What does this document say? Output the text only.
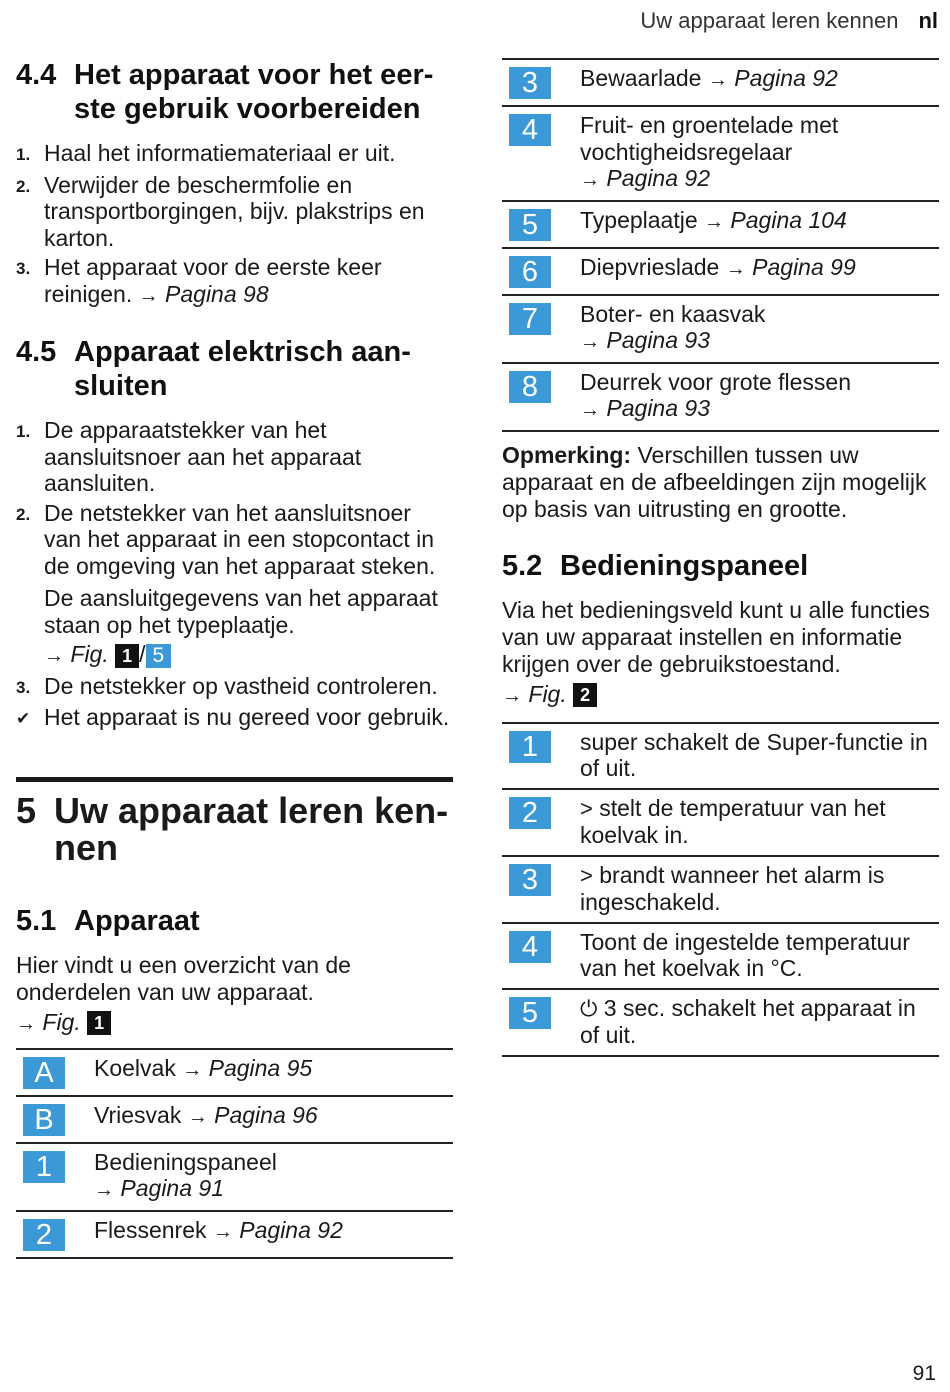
Uw apparaat leren kennen nl
4.4 Het apparaat voor het eer-
ste gebruik voorbereiden
1. Haal het informatiemateriaal er uit.
2. Verwijder de beschermfolie en transportborgingen, bijv. plakstrips en karton.
3. Het apparaat voor de eerste keer reinigen. → Pagina 98
4.5 Apparaat elektrisch aan-
sluiten
1. De apparaatstekker van het aansluitsnoer aan het apparaat aansluiten.
2. De netstekker van het aansluitsnoer van het apparaat in een stopcontact in de omgeving van het apparaat steken.
De aansluitgegevens van het apparaat staan op het typeplaatje.
→ Fig. 1 / 5
3. De netstekker op vastheid controleren.
✔ Het apparaat is nu gereed voor gebruik.
5 Uw apparaat leren ken-
nen
5.1 Apparaat

Hier vindt u een overzicht van de onderdelen van uw apparaat.

→ Fig. 1
A	Koelvak → Pagina 95
B	Vriesvak → Pagina 96
1	Bedieningspaneel
→ Pagina 91
2	Flessenrek → Pagina 92
3	Bewaarlade → Pagina 92
4	Fruit- en groentelade met vochtigheidsregelaar
→ Pagina 92
5	Typeplaatje → Pagina 104
6	Diepvrieslade → Pagina 99
7	Boter- en kaasvak
→ Pagina 93
8	Deurrek voor grote flessen
→ Pagina 93

Opmerking: Verschillen tussen uw apparaat en de afbeeldingen zijn mogelijk op basis van uitrusting en grootte.

5.2 Bedieningspaneel

Via het bedieningsveld kunt u alle functies van uw apparaat instellen en informatie krijgen over de gebruikstoestand.

→ Fig. 2
1	super schakelt de Super-functie in of uit.
2	> stelt de temperatuur van het koelvak in.
3	> brandt wanneer het alarm is ingeschakeld.
4	Toont de ingestelde temperatuur van het koelvak in °C.
5	⏻ 3 sec. schakelt het apparaat in of uit.
91
